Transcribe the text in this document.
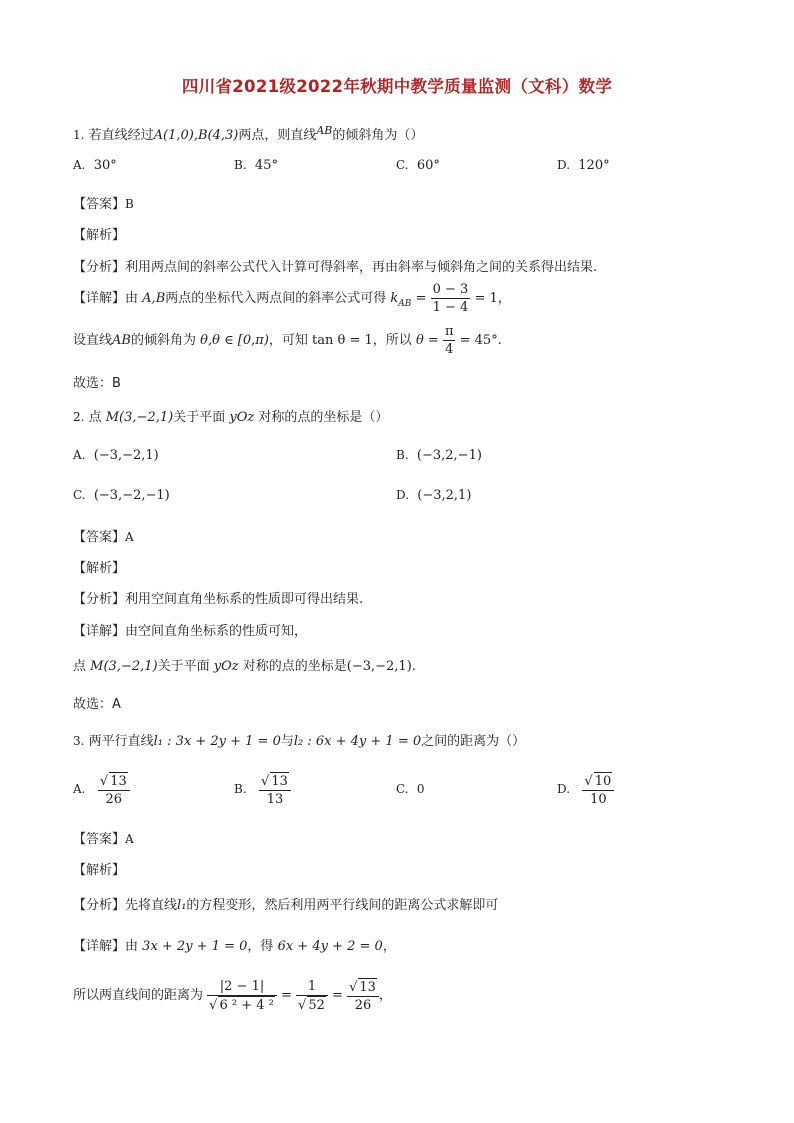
四川省2021级2022年秋期中教学质量监测（文科）数学
1. 若直线经过A(1,0),B(4,3)两点，则直线$^{AB}$的倾斜角为（）
A. 30°	B. 45°	C. 60°	D. 120°
【答案】B
【解析】
【分析】利用两点间的斜率公式代入计算可得斜率，再由斜率与倾斜角之间的关系得出结果.
【详解】由 A,B两点的坐标代入两点间的斜率公式可得 $k_{AB} = \frac{0 - 3}{1 - 4} = 1$，
设直线AB的倾斜角为 θ,θ ∈ [0,π)，可知 tan θ = 1，所以 $\theta = \frac{\pi}{4} = 45^\circ$.
故选：B
2. 点 M(3,−2,1)关于平面 yOz 对称的点的坐标是（）
A. (−3,−2,1)	B. (−3,2,−1)
C. (−3,−2,−1)	D. (−3,2,1)
【答案】A
【解析】
【分析】利用空间直角坐标系的性质即可得出结果.
【详解】由空间直角坐标系的性质可知，
点 M(3,−2,1)关于平面 yOz 对称的点的坐标是(−3,−2,1).
故选：A
3. 两平行直线l₁ : 3x + 2y + 1 = 0与l₂ : 6x + 4y + 1 = 0之间的距离为（）
A. $\frac{√ 13}{26}$	B. $\frac{√ 13}{13}$	C. 0	D. $\frac{√ 10}{10}$
【答案】A
【解析】
【分析】先将直线l₁的方程变形，然后利用两平行线间的距离公式求解即可
【详解】由 3x + 2y + 1 = 0，得 6x + 4y + 2 = 0，
所以两直线间的距离为 $\frac{|2 - 1|}{\text{√ 6 ² + 4 ²}} = \frac{1}{√ 52} = \frac{√ 13}{26}$ ，
